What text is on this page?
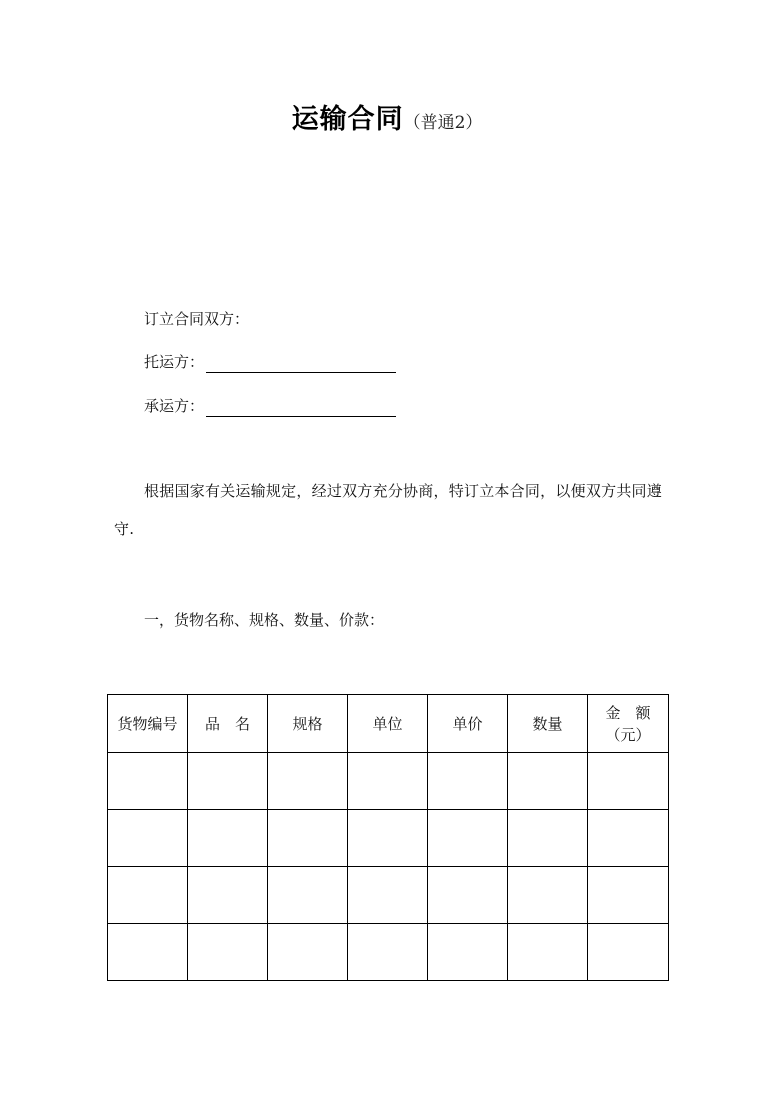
运输合同（普通2）
订立合同双方：
托运方：
承运方：
根据国家有关运输规定，经过双方充分协商，特订立本合同，以便双方共同遵守.
一，货物名称、规格、数量、价款：
货物编号	品　名	规格	单位	单价	数量	金　额
（元）
